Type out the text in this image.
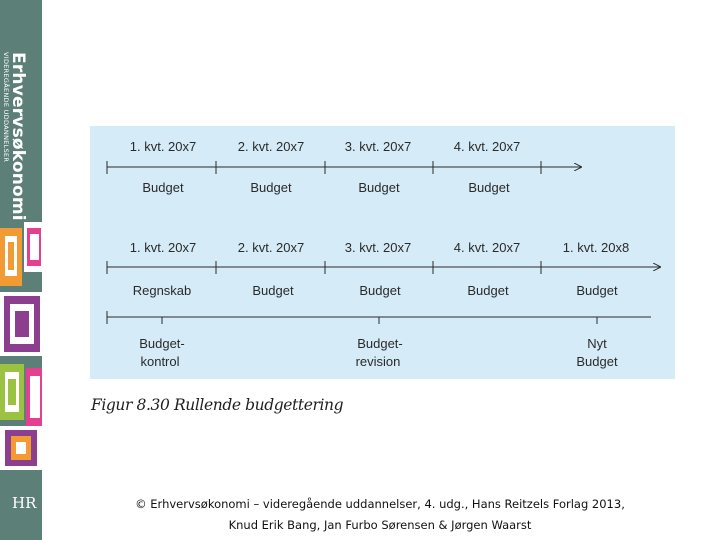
Erhvervsøkonomi
VIDEREGÅENDE UDDANNELSER
HR
1. kvt. 20x7	2. kvt. 20x7	3. kvt. 20x7	4. kvt. 20x7
Budget	Budget	Budget	Budget
1. kvt. 20x7	2. kvt. 20x7	3. kvt. 20x7	4. kvt. 20x7	1. kvt. 20x8
Regnskab	Budget	Budget	Budget	Budget
Budget-
kontrol
Budget-
revision
Nyt
Budget
Figur 8.30 Rullende budgettering
© Erhvervsøkonomi – videregående uddannelser, 4. udg., Hans Reitzels Forlag 2013,
Knud Erik Bang, Jan Furbo Sørensen & Jørgen Waarst
